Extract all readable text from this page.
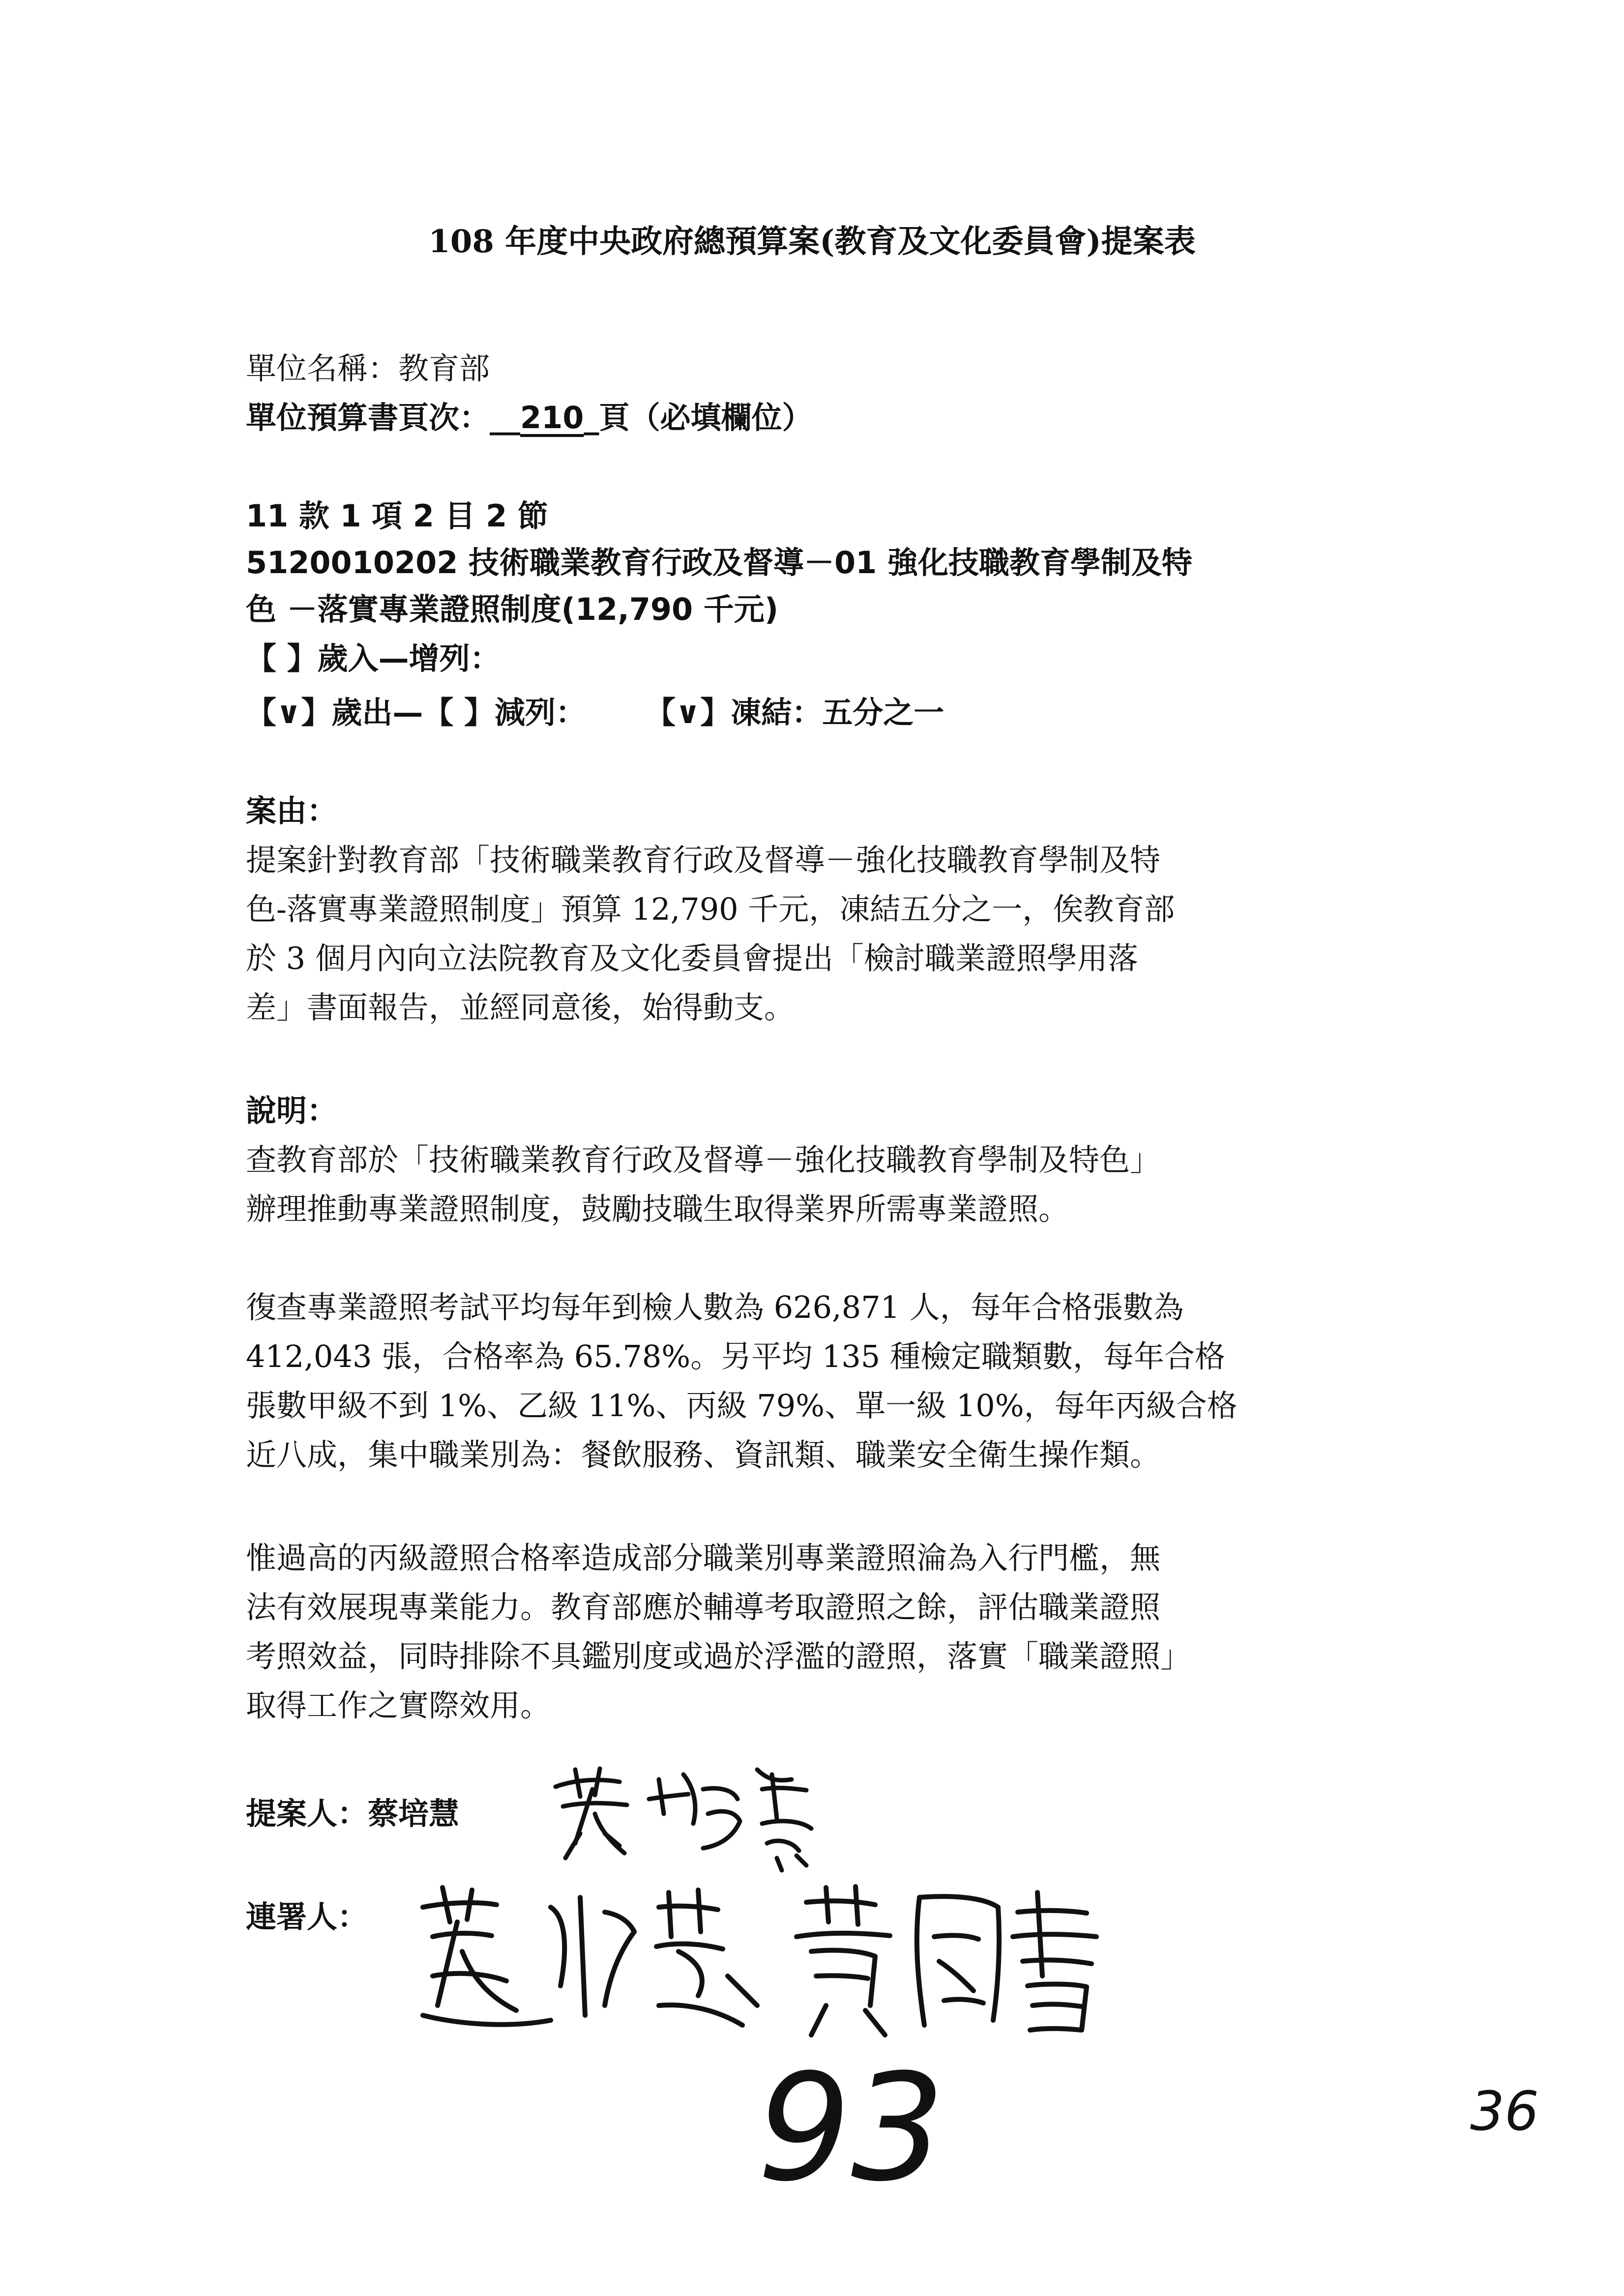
108 年度中央政府總預算案(教育及文化委員會)提案表

單位名稱：教育部

單位預算書頁次：__210_頁（必填欄位）

11 款 1 項 2 目 2 節

5120010202 技術職業教育行政及督導－01 強化技職教育學制及特

色 －落實專業證照制度(12,790 千元)

【 】歲入—增列：

【∨】歲出—【 】減列： 【∨】凍結：五分之一

案由：

提案針對教育部「技術職業教育行政及督導－強化技職教育學制及特

色-落實專業證照制度」預算 12,790 千元，凍結五分之一，俟教育部

於 3 個月內向立法院教育及文化委員會提出「檢討職業證照學用落

差」書面報告，並經同意後，始得動支。

說明：

查教育部於「技術職業教育行政及督導－強化技職教育學制及特色」

辦理推動專業證照制度，鼓勵技職生取得業界所需專業證照。

復查專業證照考試平均每年到檢人數為 626,871 人，每年合格張數為

412,043 張，合格率為 65.78%。另平均 135 種檢定職類數，每年合格

張數甲級不到 1%、乙級 11%、丙級 79%、單一級 10%，每年丙級合格

近八成，集中職業別為：餐飲服務、資訊類、職業安全衛生操作類。

惟過高的丙級證照合格率造成部分職業別專業證照淪為入行門檻，無

法有效展現專業能力。教育部應於輔導考取證照之餘，評估職業證照

考照效益，同時排除不具鑑別度或過於浮濫的證照，落實「職業證照」

取得工作之實際效用。

提案人：蔡培慧

連署人：

93	36
